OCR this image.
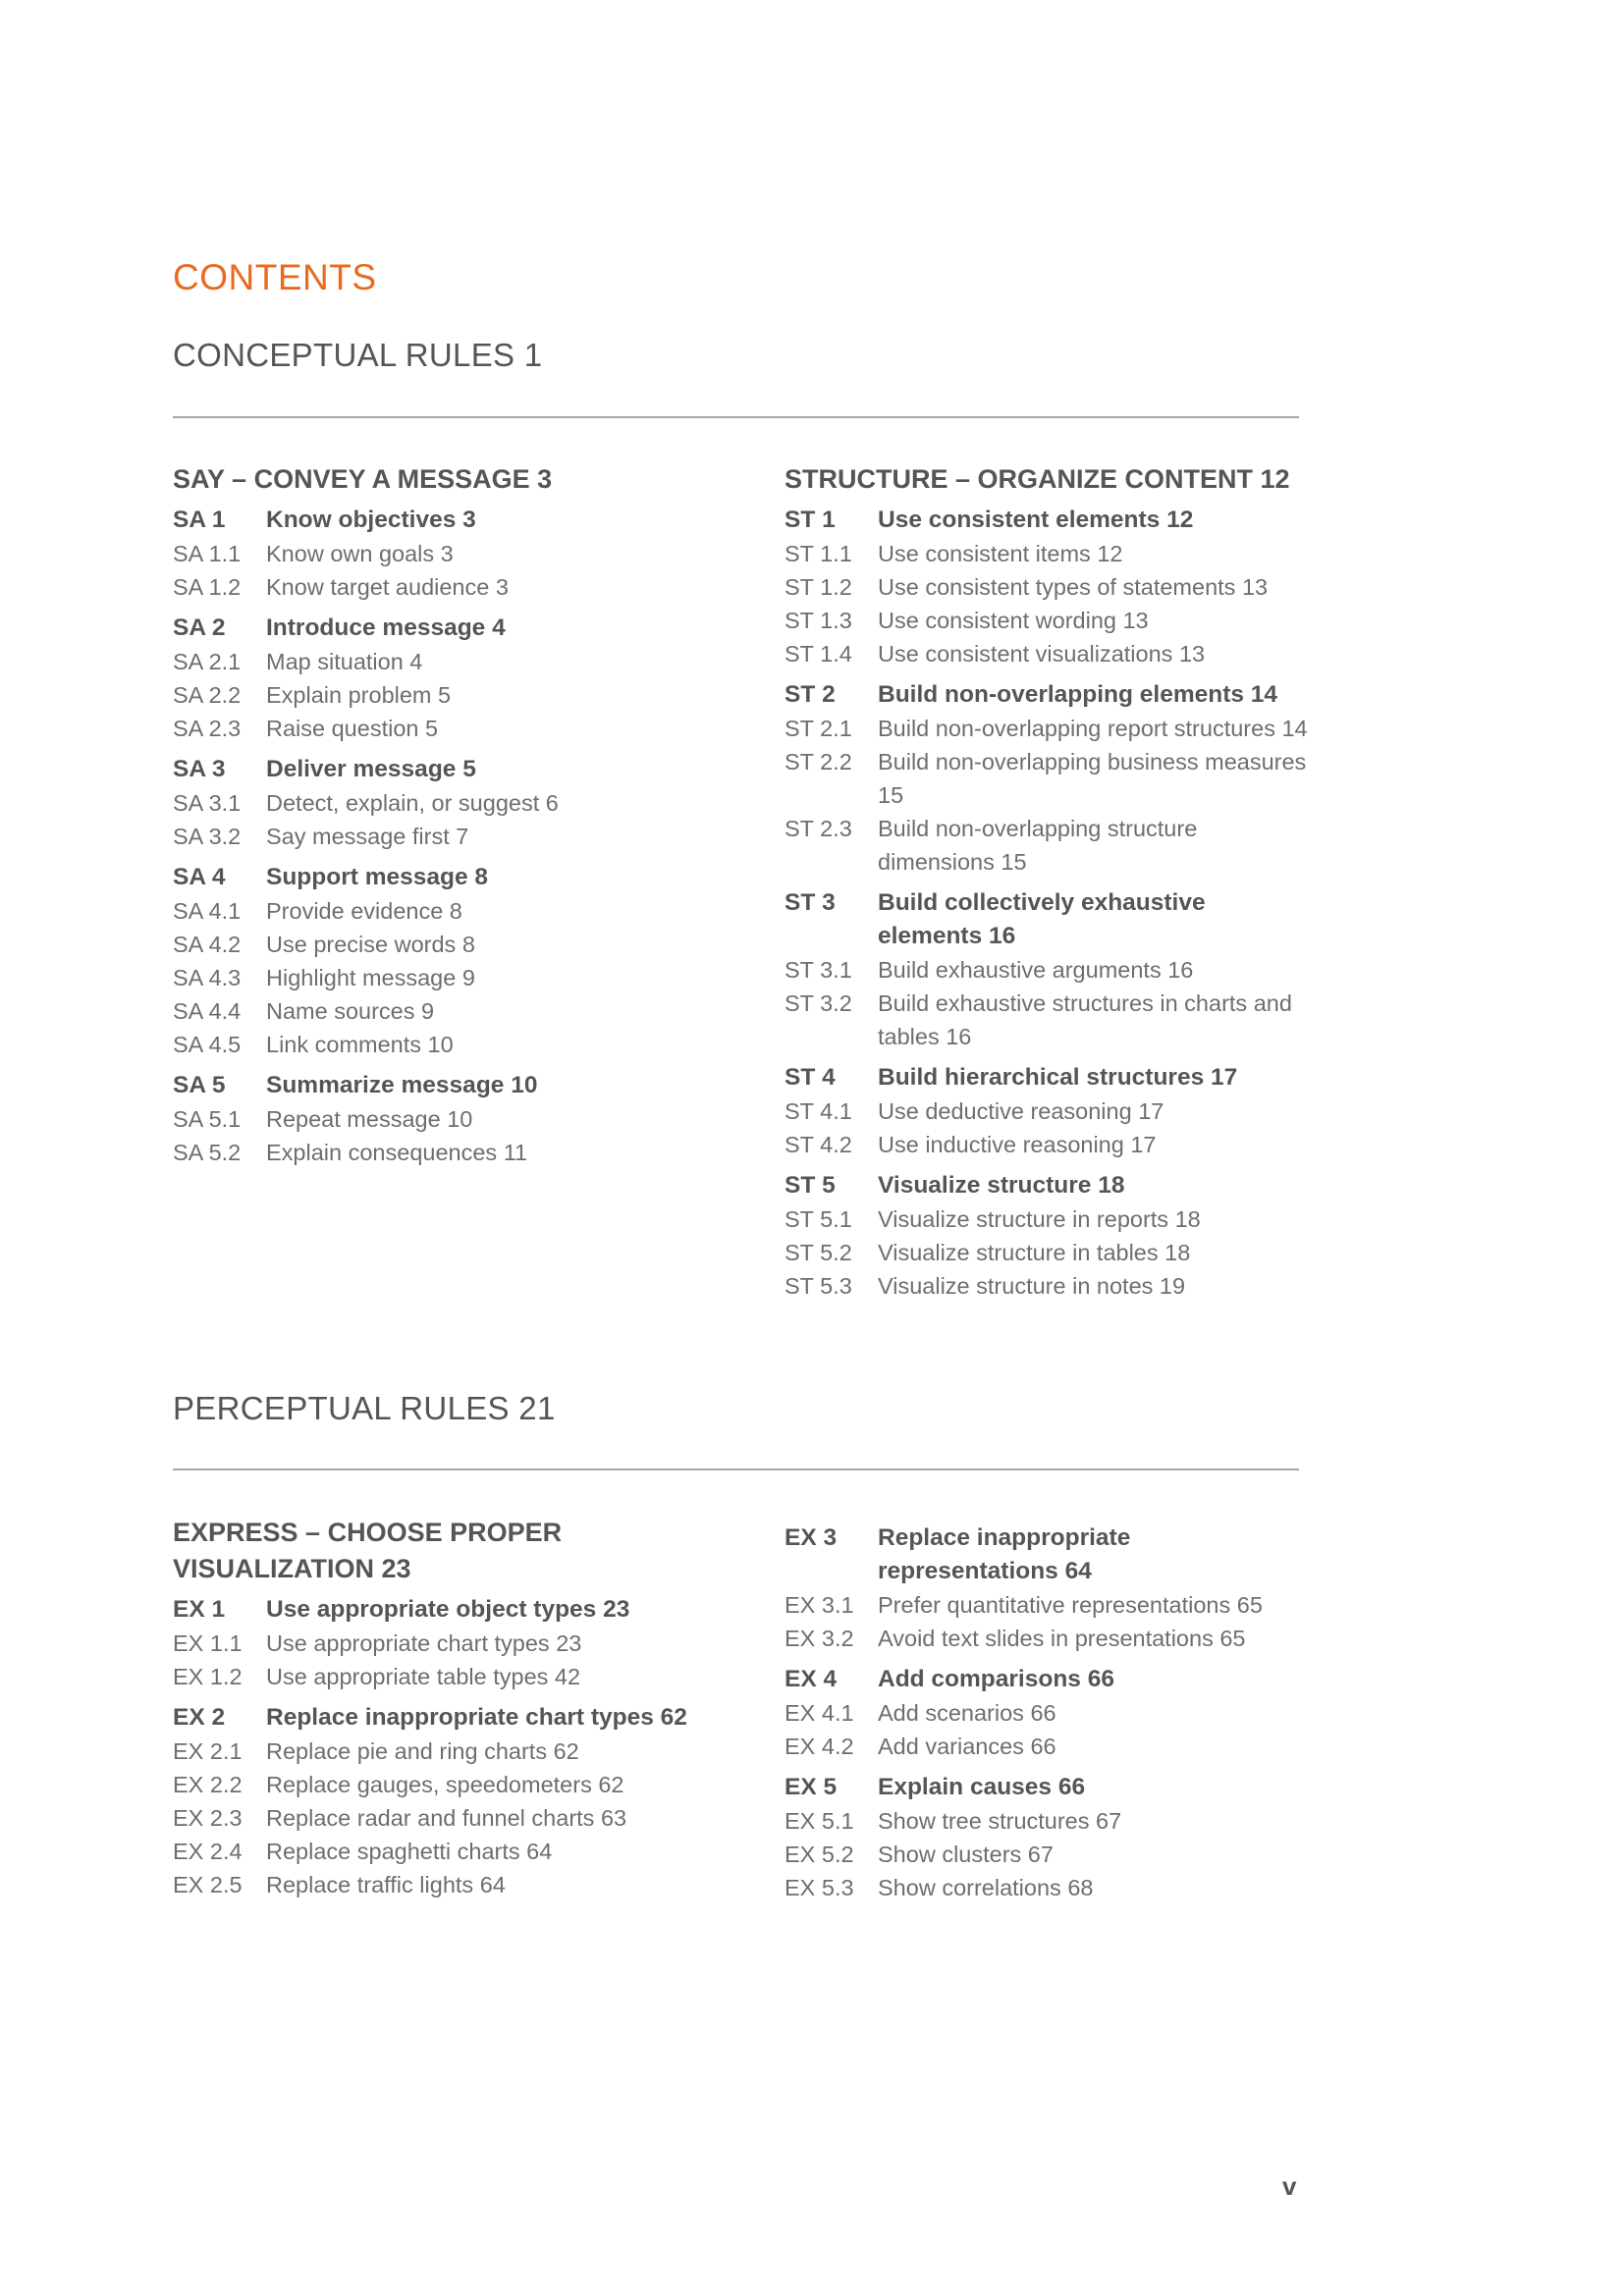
CONTENTS
CONCEPTUAL RULES 1
SAY – CONVEY A MESSAGE 3
SA 1	Know objectives 3
SA 1.1	Know own goals 3
SA 1.2	Know target audience 3
SA 2	Introduce message 4
SA 2.1	Map situation 4
SA 2.2	Explain problem 5
SA 2.3	Raise question 5
SA 3	Deliver message 5
SA 3.1	Detect, explain, or suggest 6
SA 3.2	Say message first 7
SA 4	Support message 8
SA 4.1	Provide evidence 8
SA 4.2	Use precise words 8
SA 4.3	Highlight message 9
SA 4.4	Name sources 9
SA 4.5	Link comments 10
SA 5	Summarize message 10
SA 5.1	Repeat message 10
SA 5.2	Explain consequences 11
STRUCTURE – ORGANIZE CONTENT 12
ST 1	Use consistent elements 12
ST 1.1	Use consistent items 12
ST 1.2	Use consistent types of statements 13
ST 1.3	Use consistent wording 13
ST 1.4	Use consistent visualizations 13
ST 2	Build non-overlapping elements 14
ST 2.1	Build non-overlapping report structures 14
ST 2.2	Build non-overlapping business measures 15
ST 2.3	Build non-overlapping structure dimensions 15
ST 3	Build collectively exhaustive elements 16
ST 3.1	Build exhaustive arguments 16
ST 3.2	Build exhaustive structures in charts and tables 16
ST 4	Build hierarchical structures 17
ST 4.1	Use deductive reasoning 17
ST 4.2	Use inductive reasoning 17
ST 5	Visualize structure 18
ST 5.1	Visualize structure in reports 18
ST 5.2	Visualize structure in tables 18
ST 5.3	Visualize structure in notes 19
PERCEPTUAL RULES 21
EXPRESS – CHOOSE PROPER VISUALIZATION 23
EX 1	Use appropriate object types 23
EX 1.1	Use appropriate chart types 23
EX 1.2	Use appropriate table types 42
EX 2	Replace inappropriate chart types 62
EX 2.1	Replace pie and ring charts 62
EX 2.2	Replace gauges, speedometers 62
EX 2.3	Replace radar and funnel charts 63
EX 2.4	Replace spaghetti charts 64
EX 2.5	Replace traffic lights 64
EX 3	Replace inappropriate representations 64
EX 3.1	Prefer quantitative representations 65
EX 3.2	Avoid text slides in presentations 65
EX 4	Add comparisons 66
EX 4.1	Add scenarios 66
EX 4.2	Add variances 66
EX 5	Explain causes 66
EX 5.1	Show tree structures 67
EX 5.2	Show clusters 67
EX 5.3	Show correlations 68
v
